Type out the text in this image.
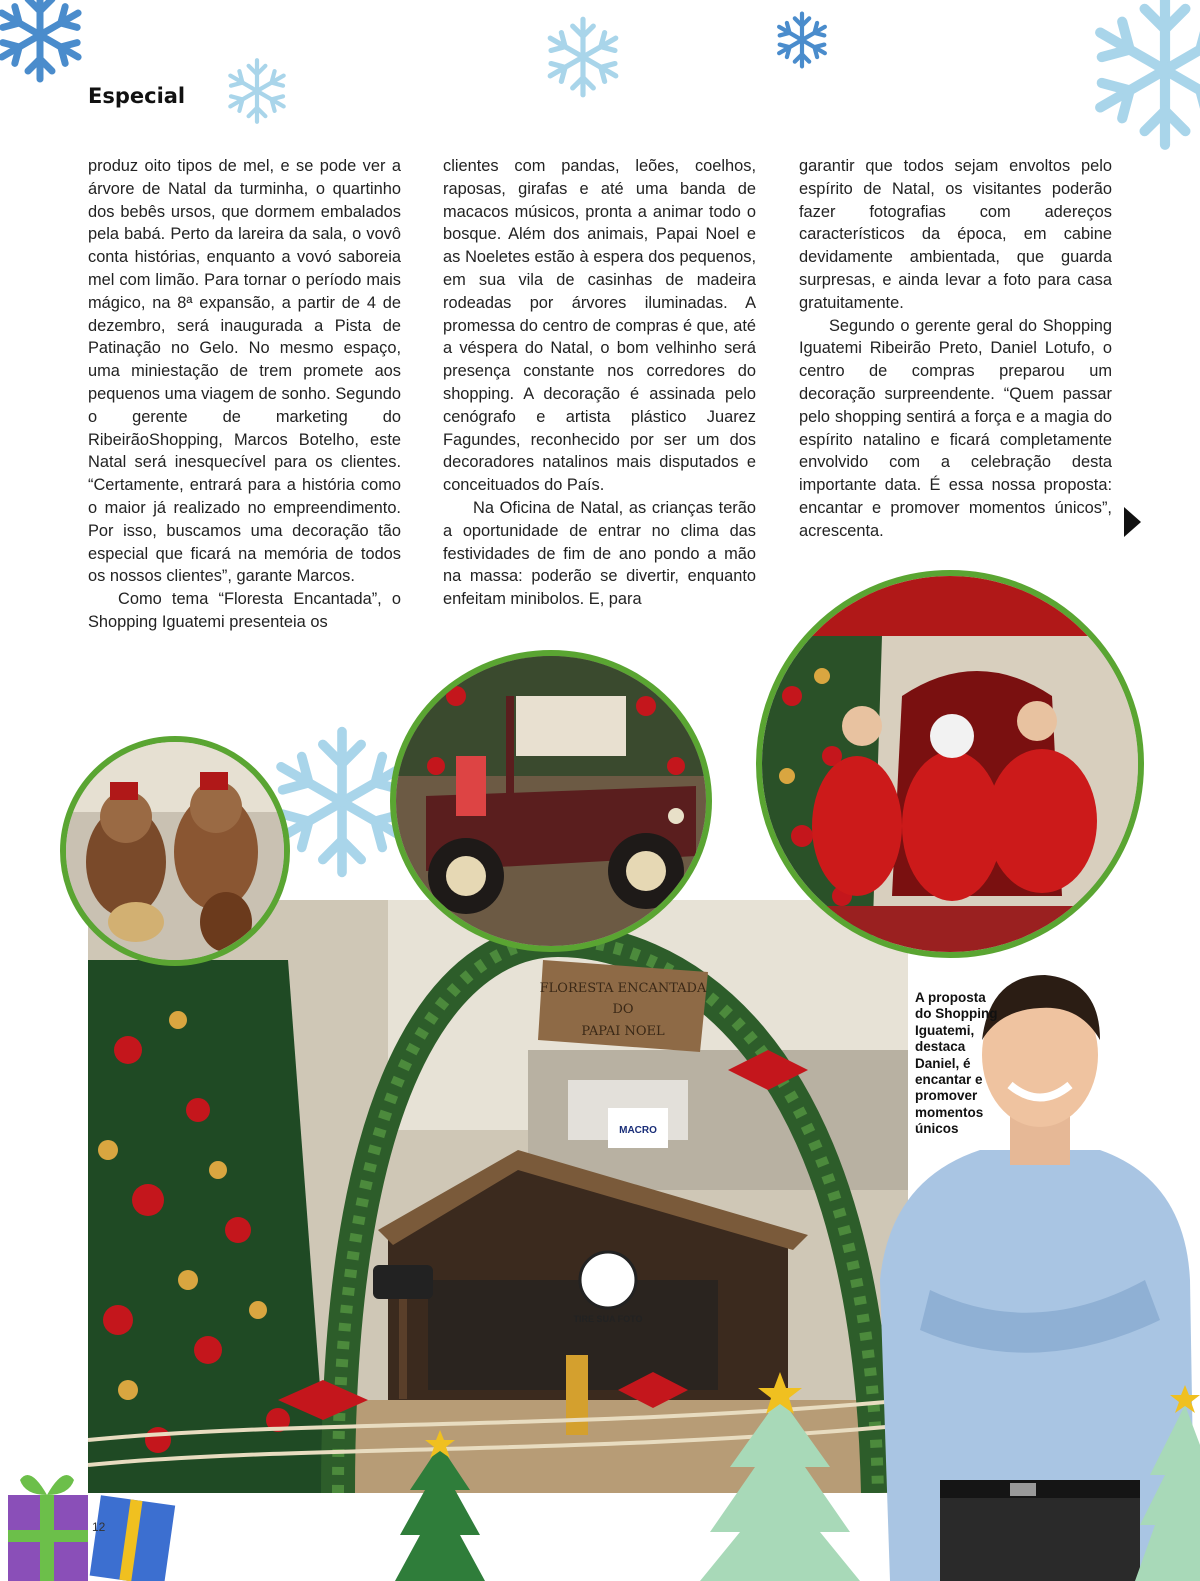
Especial

produz oito tipos de mel, e se pode ver a árvore de Natal da turminha, o quartinho dos bebês ursos, que dormem embalados pela babá. Perto da lareira da sala, o vovô conta histórias, enquanto a vovó saboreia mel com limão. Para tornar o período mais mágico, na 8ª expansão, a partir de 4 de dezembro, será inaugurada a Pista de Patinação no Gelo. No mesmo espaço, uma miniestação de trem promete aos pequenos uma viagem de sonho. Segundo o gerente de marketing do RibeirãoShopping, Marcos Botelho, este Natal será inesquecível para os clientes. “Certamente, entrará para a história como o maior já realizado no empreendimento. Por isso, buscamos uma decoração tão especial que ficará na memória de todos os nossos clientes”, garante Marcos.

Como tema “Floresta Encantada”, o Shopping Iguatemi presenteia os

clientes com pandas, leões, coelhos, raposas, girafas e até uma banda de macacos músicos, pronta a animar todo o bosque. Além dos animais, Papai Noel e as Noeletes estão à espera dos pequenos, em sua vila de casinhas de madeira rodeadas por árvores iluminadas. A promessa do centro de compras é que, até a véspera do Natal, o bom velhinho será presença constante nos corredores do shopping. A decoração é assinada pelo cenógrafo e artista plástico Juarez Fagundes, reconhecido por ser um dos decoradores natalinos mais disputados e conceituados do País.

Na Oficina de Natal, as crianças terão a oportunidade de entrar no clima das festividades de fim de ano pondo a mão na massa: poderão se divertir, enquanto enfeitam minibolos. E, para

garantir que todos sejam envoltos pelo espírito de Natal, os visitantes poderão fazer fotografias com adereços característicos da época, em cabine devidamente ambientada, que guarda surpresas, e ainda levar a foto para casa gratuitamente.

Segundo o gerente geral do Shopping Iguatemi Ribeirão Preto, Daniel Lotufo, o centro de compras preparou um decoração surpreendente. “Quem passar pelo shopping sentirá a força e a magia do espírito natalino e ficará completamente envolvido com a celebração desta importante data. É essa nossa proposta: encantar e promover momentos únicos”, acrescenta.

MACRO
FLORESTA ENCANTADA
DO
PAPAI NOEL
TIRE SUA FOTO
A proposta
do Shopping
Iguatemi,
destaca
Daniel, é
encantar e
promover
momentos
únicos
12
